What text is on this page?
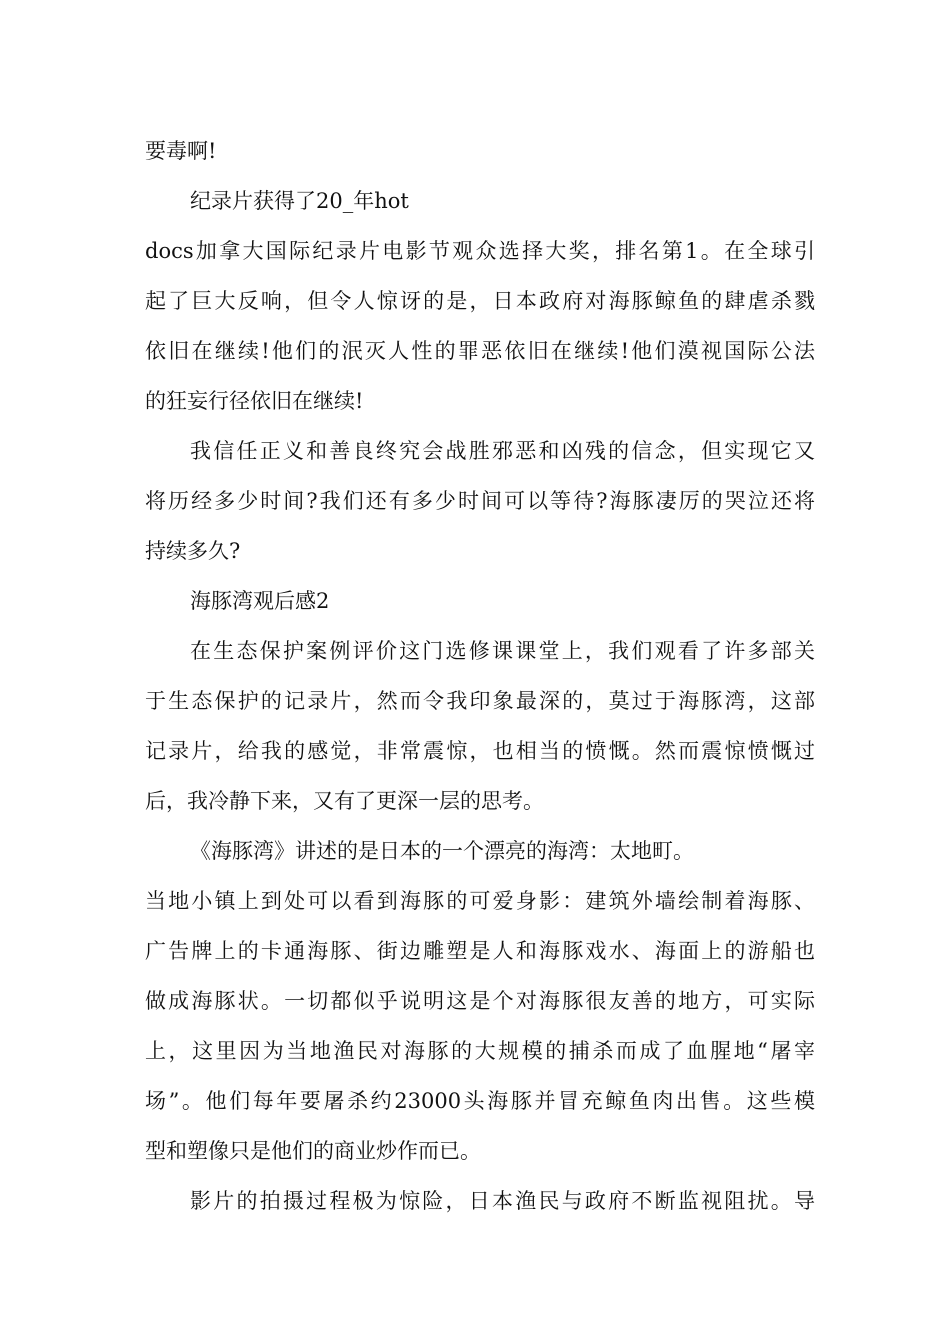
要毒啊!

纪录片获得了20_年hot

docs加拿大国际纪录片电影节观众选择大奖，排名第1。在全球引

起了巨大反响，但令人惊讶的是，日本政府对海豚鲸鱼的肆虐杀戮

依旧在继续!他们的泯灭人性的罪恶依旧在继续!他们漠视国际公法

的狂妄行径依旧在继续!

我信任正义和善良终究会战胜邪恶和凶残的信念，但实现它又

将历经多少时间?我们还有多少时间可以等待?海豚凄厉的哭泣还将

持续多久?

海豚湾观后感2

在生态保护案例评价这门选修课课堂上，我们观看了许多部关

于生态保护的记录片，然而令我印象最深的，莫过于海豚湾，这部

记录片，给我的感觉，非常震惊，也相当的愤慨。然而震惊愤慨过

后，我冷静下来，又有了更深一层的思考。

《海豚湾》讲述的是日本的一个漂亮的海湾：太地町。

当地小镇上到处可以看到海豚的可爱身影：建筑外墙绘制着海豚、

广告牌上的卡通海豚、街边雕塑是人和海豚戏水、海面上的游船也

做成海豚状。一切都似乎说明这是个对海豚很友善的地方，可实际

上，这里因为当地渔民对海豚的大规模的捕杀而成了血腥地“屠宰

场”。他们每年要屠杀约23000头海豚并冒充鲸鱼肉出售。这些模

型和塑像只是他们的商业炒作而已。

影片的拍摄过程极为惊险，日本渔民与政府不断监视阻扰。导
